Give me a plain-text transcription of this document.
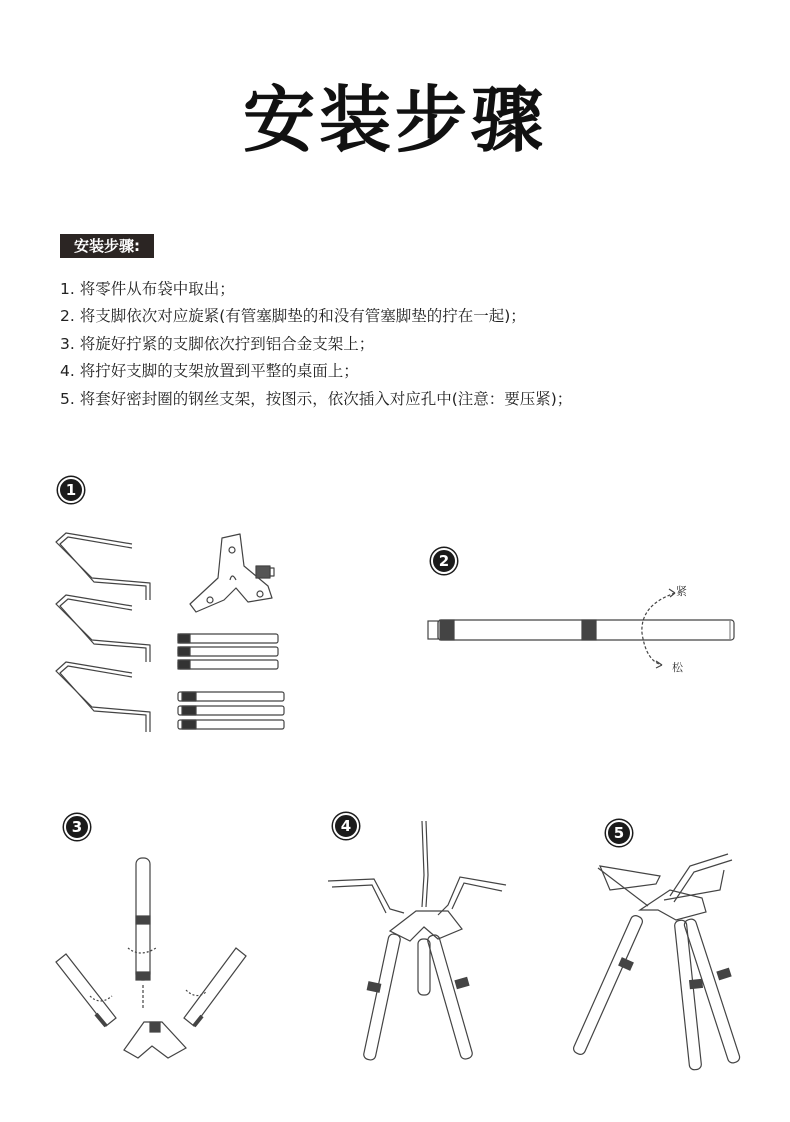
安装步骤
安装步骤:
1. 将零件从布袋中取出；
2. 将支脚依次对应旋紧(有管塞脚垫的和没有管塞脚垫的拧在一起)；
3. 将旋好拧紧的支脚依次拧到铝合金支架上；
4. 将拧好支脚的支架放置到平整的桌面上；
5. 将套好密封圈的钢丝支架，按图示，依次插入对应孔中(注意：要压紧)；
1
2
3	4	5
紧
松
